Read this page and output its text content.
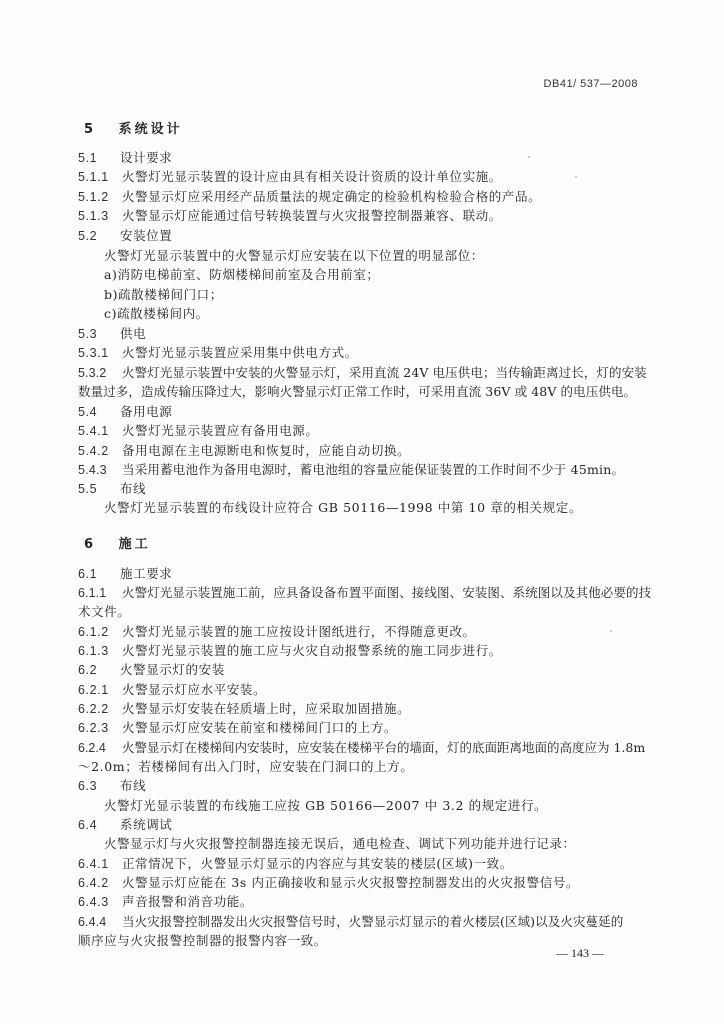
DB41/ 537—2008
5 系统设计
5.1 设计要求
5.1.1 火警灯光显示装置的设计应由具有相关设计资质的设计单位实施。
5.1.2 火警显示灯应采用经产品质量法的规定确定的检验机构检验合格的产品。
5.1.3 火警显示灯应能通过信号转换装置与火灾报警控制器兼容、联动。
5.2 安装位置
火警灯光显示装置中的火警显示灯应安装在以下位置的明显部位：
a)消防电梯前室、防烟楼梯间前室及合用前室；
b)疏散楼梯间门口；
c)疏散楼梯间内。
5.3 供电
5.3.1 火警灯光显示装置应采用集中供电方式。
5.3.2 火警灯光显示装置中安装的火警显示灯，采用直流 24V 电压供电；当传输距离过长，灯的安装
数量过多，造成传输压降过大，影响火警显示灯正常工作时，可采用直流 36V 或 48V 的电压供电。
5.4 备用电源
5.4.1 火警灯光显示装置应有备用电源。
5.4.2 备用电源在主电源断电和恢复时，应能自动切换。
5.4.3 当采用蓄电池作为备用电源时，蓄电池组的容量应能保证装置的工作时间不少于 45min。
5.5 布线
火警灯光显示装置的布线设计应符合 GB 50116—1998 中第 10 章的相关规定。
6 施工
6.1 施工要求
6.1.1 火警灯光显示装置施工前，应具备设备布置平面图、接线图、安装图、系统图以及其他必要的技
术文件。
6.1.2 火警灯光显示装置的施工应按设计图纸进行，不得随意更改。
6.1.3 火警灯光显示装置的施工应与火灾自动报警系统的施工同步进行。
6.2 火警显示灯的安装
6.2.1 火警显示灯应水平安装。
6.2.2 火警显示灯安装在轻质墙上时，应采取加固措施。
6.2.3 火警显示灯应安装在前室和楼梯间门口的上方。
6.2.4 火警显示灯在楼梯间内安装时，应安装在楼梯平台的墙面，灯的底面距离地面的高度应为 1.8m
～2.0m；若楼梯间有出入门时，应安装在门洞口的上方。
6.3 布线
火警灯光显示装置的布线施工应按 GB 50166—2007 中 3.2 的规定进行。
6.4 系统调试
火警显示灯与火灾报警控制器连接无误后，通电检查、调试下列功能并进行记录：
6.4.1 正常情况下，火警显示灯显示的内容应与其安装的楼层(区域)一致。
6.4.2 火警显示灯应能在 3s 内正确接收和显示火灾报警控制器发出的火灾报警信号。
6.4.3 声音报警和消音功能。
6.4.4 当火灾报警控制器发出火灾报警信号时，火警显示灯显示的着火楼层(区域)以及火灾蔓延的
顺序应与火灾报警控制器的报警内容一致。
— 143 —
